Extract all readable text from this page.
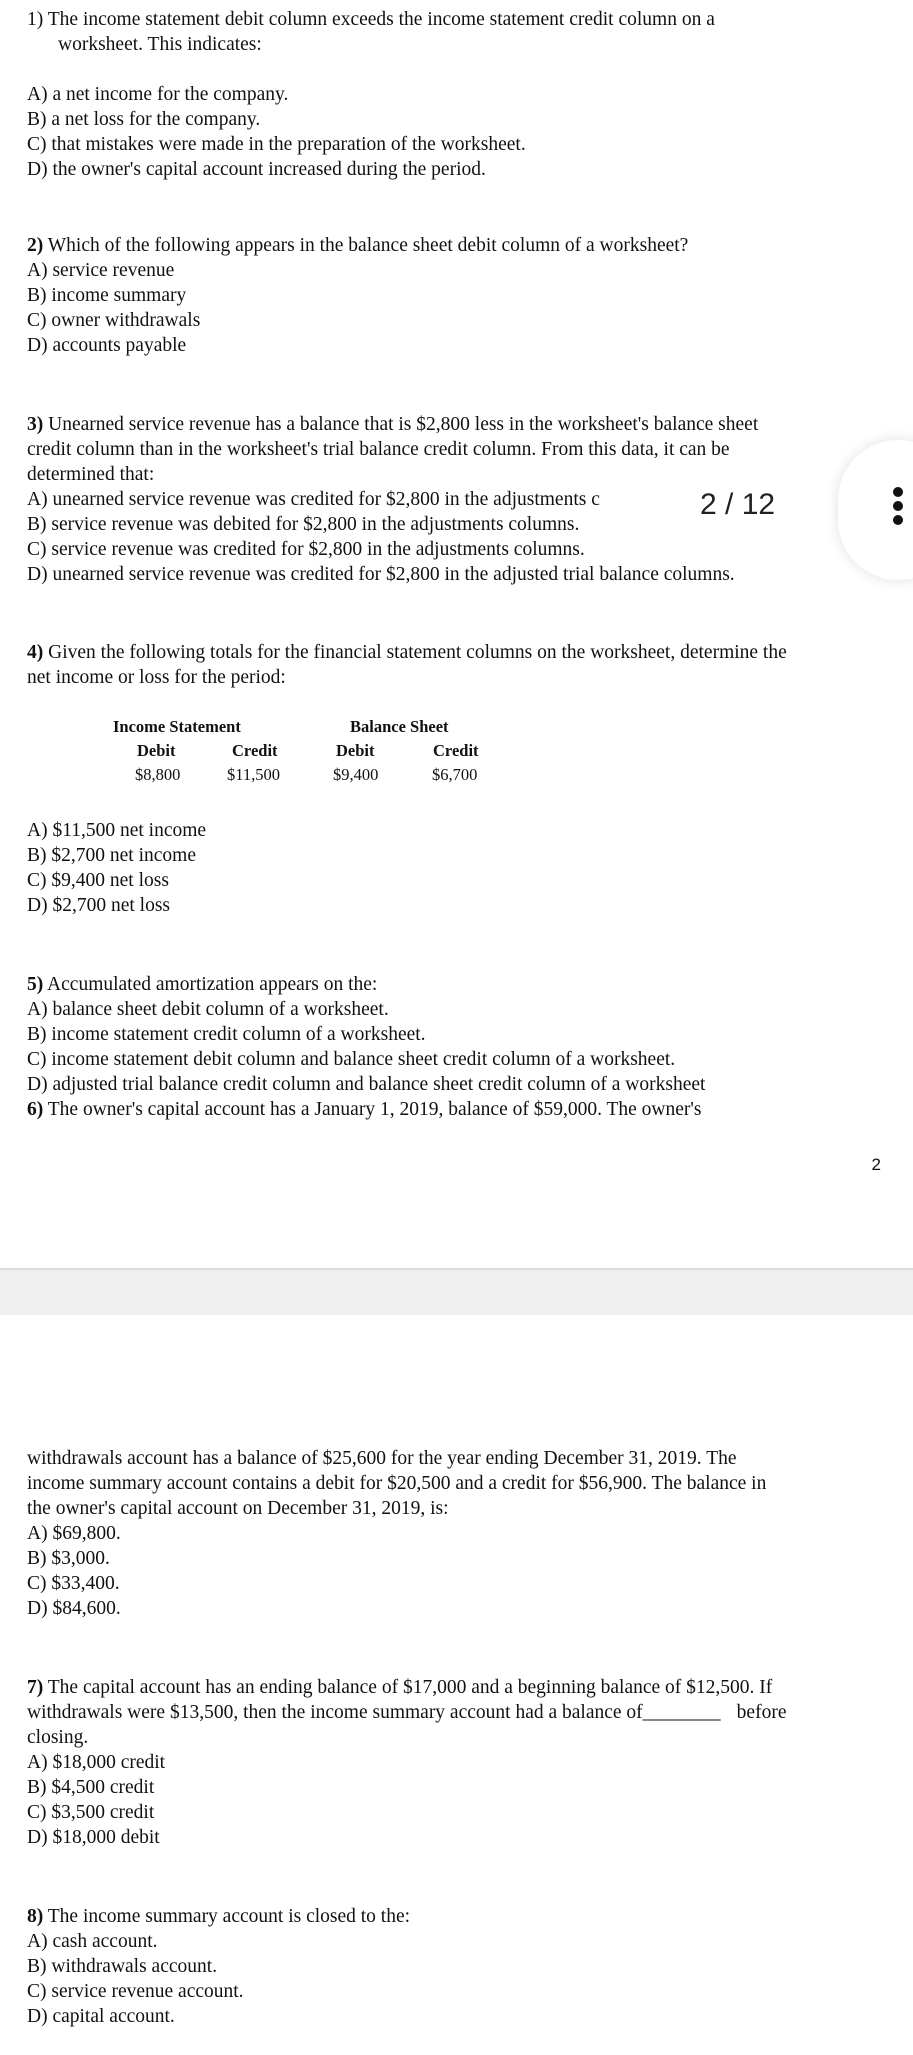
1) The income statement debit column exceeds the income statement credit column on a
worksheet. This indicates:
A) a net income for the company.
B) a net loss for the company.
C) that mistakes were made in the preparation of the worksheet.
D) the owner's capital account increased during the period.
2) Which of the following appears in the balance sheet debit column of a worksheet?
A) service revenue
B) income summary
C) owner withdrawals
D) accounts payable
3) Unearned service revenue has a balance that is $2,800 less in the worksheet's balance sheet
credit column than in the worksheet's trial balance credit column. From this data, it can be
determined that:
A) unearned service revenue was credited for $2,800 in the adjustments c
B) service revenue was debited for $2,800 in the adjustments columns.
C) service revenue was credited for $2,800 in the adjustments columns.
D) unearned service revenue was credited for $2,800 in the adjusted trial balance columns.
4) Given the following totals for the financial statement columns on the worksheet, determine the
net income or loss for the period:
Income Statement	Balance Sheet
Debit	Credit	Debit	Credit
$8,800	$11,500	$9,400	$6,700
A) $11,500 net income
B) $2,700 net income
C) $9,400 net loss
D) $2,700 net loss
5) Accumulated amortization appears on the:
A) balance sheet debit column of a worksheet.
B) income statement credit column of a worksheet.
C) income statement debit column and balance sheet credit column of a worksheet.
D) adjusted trial balance credit column and balance sheet credit column of a worksheet
6) The owner's capital account has a January 1, 2019, balance of $59,000. The owner's
2
withdrawals account has a balance of $25,600 for the year ending December 31, 2019. The
income summary account contains a debit for $20,500 and a credit for $56,900. The balance in
the owner's capital account on December 31, 2019, is:
A) $69,800.
B) $3,000.
C) $33,400.
D) $84,600.
7) The capital account has an ending balance of $17,000 and a beginning balance of $12,500. If
withdrawals were $13,500, then the income summary account had a balance of________ before
closing.
A) $18,000 credit
B) $4,500 credit
C) $3,500 credit
D) $18,000 debit
8) The income summary account is closed to the:
A) cash account.
B) withdrawals account.
C) service revenue account.
D) capital account.
2 / 12
